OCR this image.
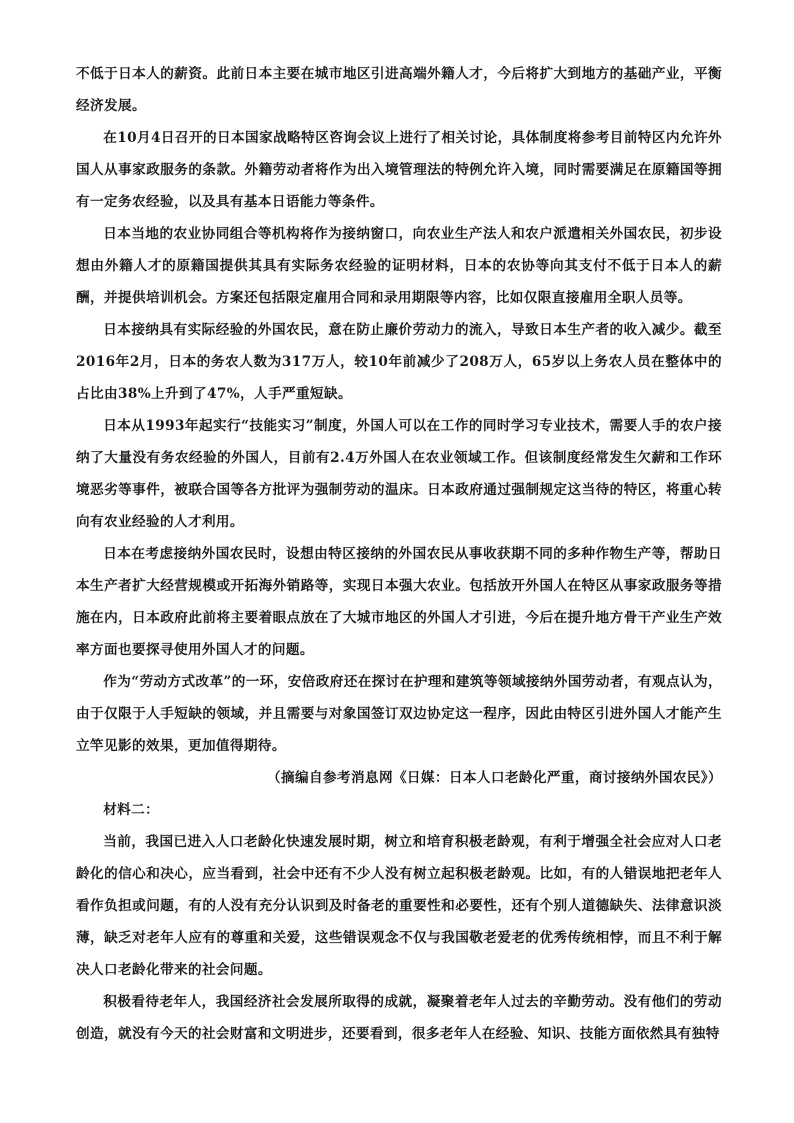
不低于日本人的薪资。此前日本主要在城市地区引进高端外籍人才，今后将扩大到地方的基础产业，平衡经济发展。

在10月4日召开的日本国家战略特区咨询会议上进行了相关讨论，具体制度将参考目前特区内允许外国人从事家政服务的条款。外籍劳动者将作为出入境管理法的特例允许入境，同时需要满足在原籍国等拥有一定务农经验，以及具有基本日语能力等条件。

日本当地的农业协同组合等机构将作为接纳窗口，向农业生产法人和农户派遣相关外国农民，初步设想由外籍人才的原籍国提供其具有实际务农经验的证明材料，日本的农协等向其支付不低于日本人的薪酬，并提供培训机会。方案还包括限定雇用合同和录用期限等内容，比如仅限直接雇用全职人员等。

日本接纳具有实际经验的外国农民，意在防止廉价劳动力的流入，导致日本生产者的收入减少。截至2016年2月，日本的务农人数为317万人，较10年前减少了208万人，65岁以上务农人员在整体中的占比由38%上升到了47%，人手严重短缺。

日本从1993年起实行“技能实习”制度，外国人可以在工作的同时学习专业技术，需要人手的农户接纳了大量没有务农经验的外国人，目前有2.4万外国人在农业领域工作。但该制度经常发生欠薪和工作环境恶劣等事件，被联合国等各方批评为强制劳动的温床。日本政府通过强制规定这当待的特区，将重心转向有农业经验的人才利用。

日本在考虑接纳外国农民时，设想由特区接纳的外国农民从事收获期不同的多种作物生产等，帮助日本生产者扩大经营规模或开拓海外销路等，实现日本强大农业。包括放开外国人在特区从事家政服务等措施在内，日本政府此前将主要着眼点放在了大城市地区的外国人才引进，今后在提升地方骨干产业生产效率方面也要探寻使用外国人才的问题。

作为“劳动方式改革”的一环，安倍政府还在探讨在护理和建筑等领域接纳外国劳动者，有观点认为，由于仅限于人手短缺的领域，并且需要与对象国签订双边协定这一程序，因此由特区引进外国人才能产生立竿见影的效果，更加值得期待。

（摘编自参考消息网《日媒：日本人口老龄化严重，商讨接纳外国农民》）

材料二：

当前，我国已进入人口老龄化快速发展时期，树立和培育积极老龄观，有利于增强全社会应对人口老龄化的信心和决心，应当看到，社会中还有不少人没有树立起积极老龄观。比如，有的人错误地把老年人看作负担或问题，有的人没有充分认识到及时备老的重要性和必要性，还有个别人道德缺失、法律意识淡薄，缺乏对老年人应有的尊重和关爱，这些错误观念不仅与我国敬老爱老的优秀传统相悖，而且不利于解决人口老龄化带来的社会问题。

积极看待老年人，我国经济社会发展所取得的成就，凝聚着老年人过去的辛勤劳动。没有他们的劳动创造，就没有今天的社会财富和文明进步，还要看到，很多老年人在经验、知识、技能方面依然具有独特
